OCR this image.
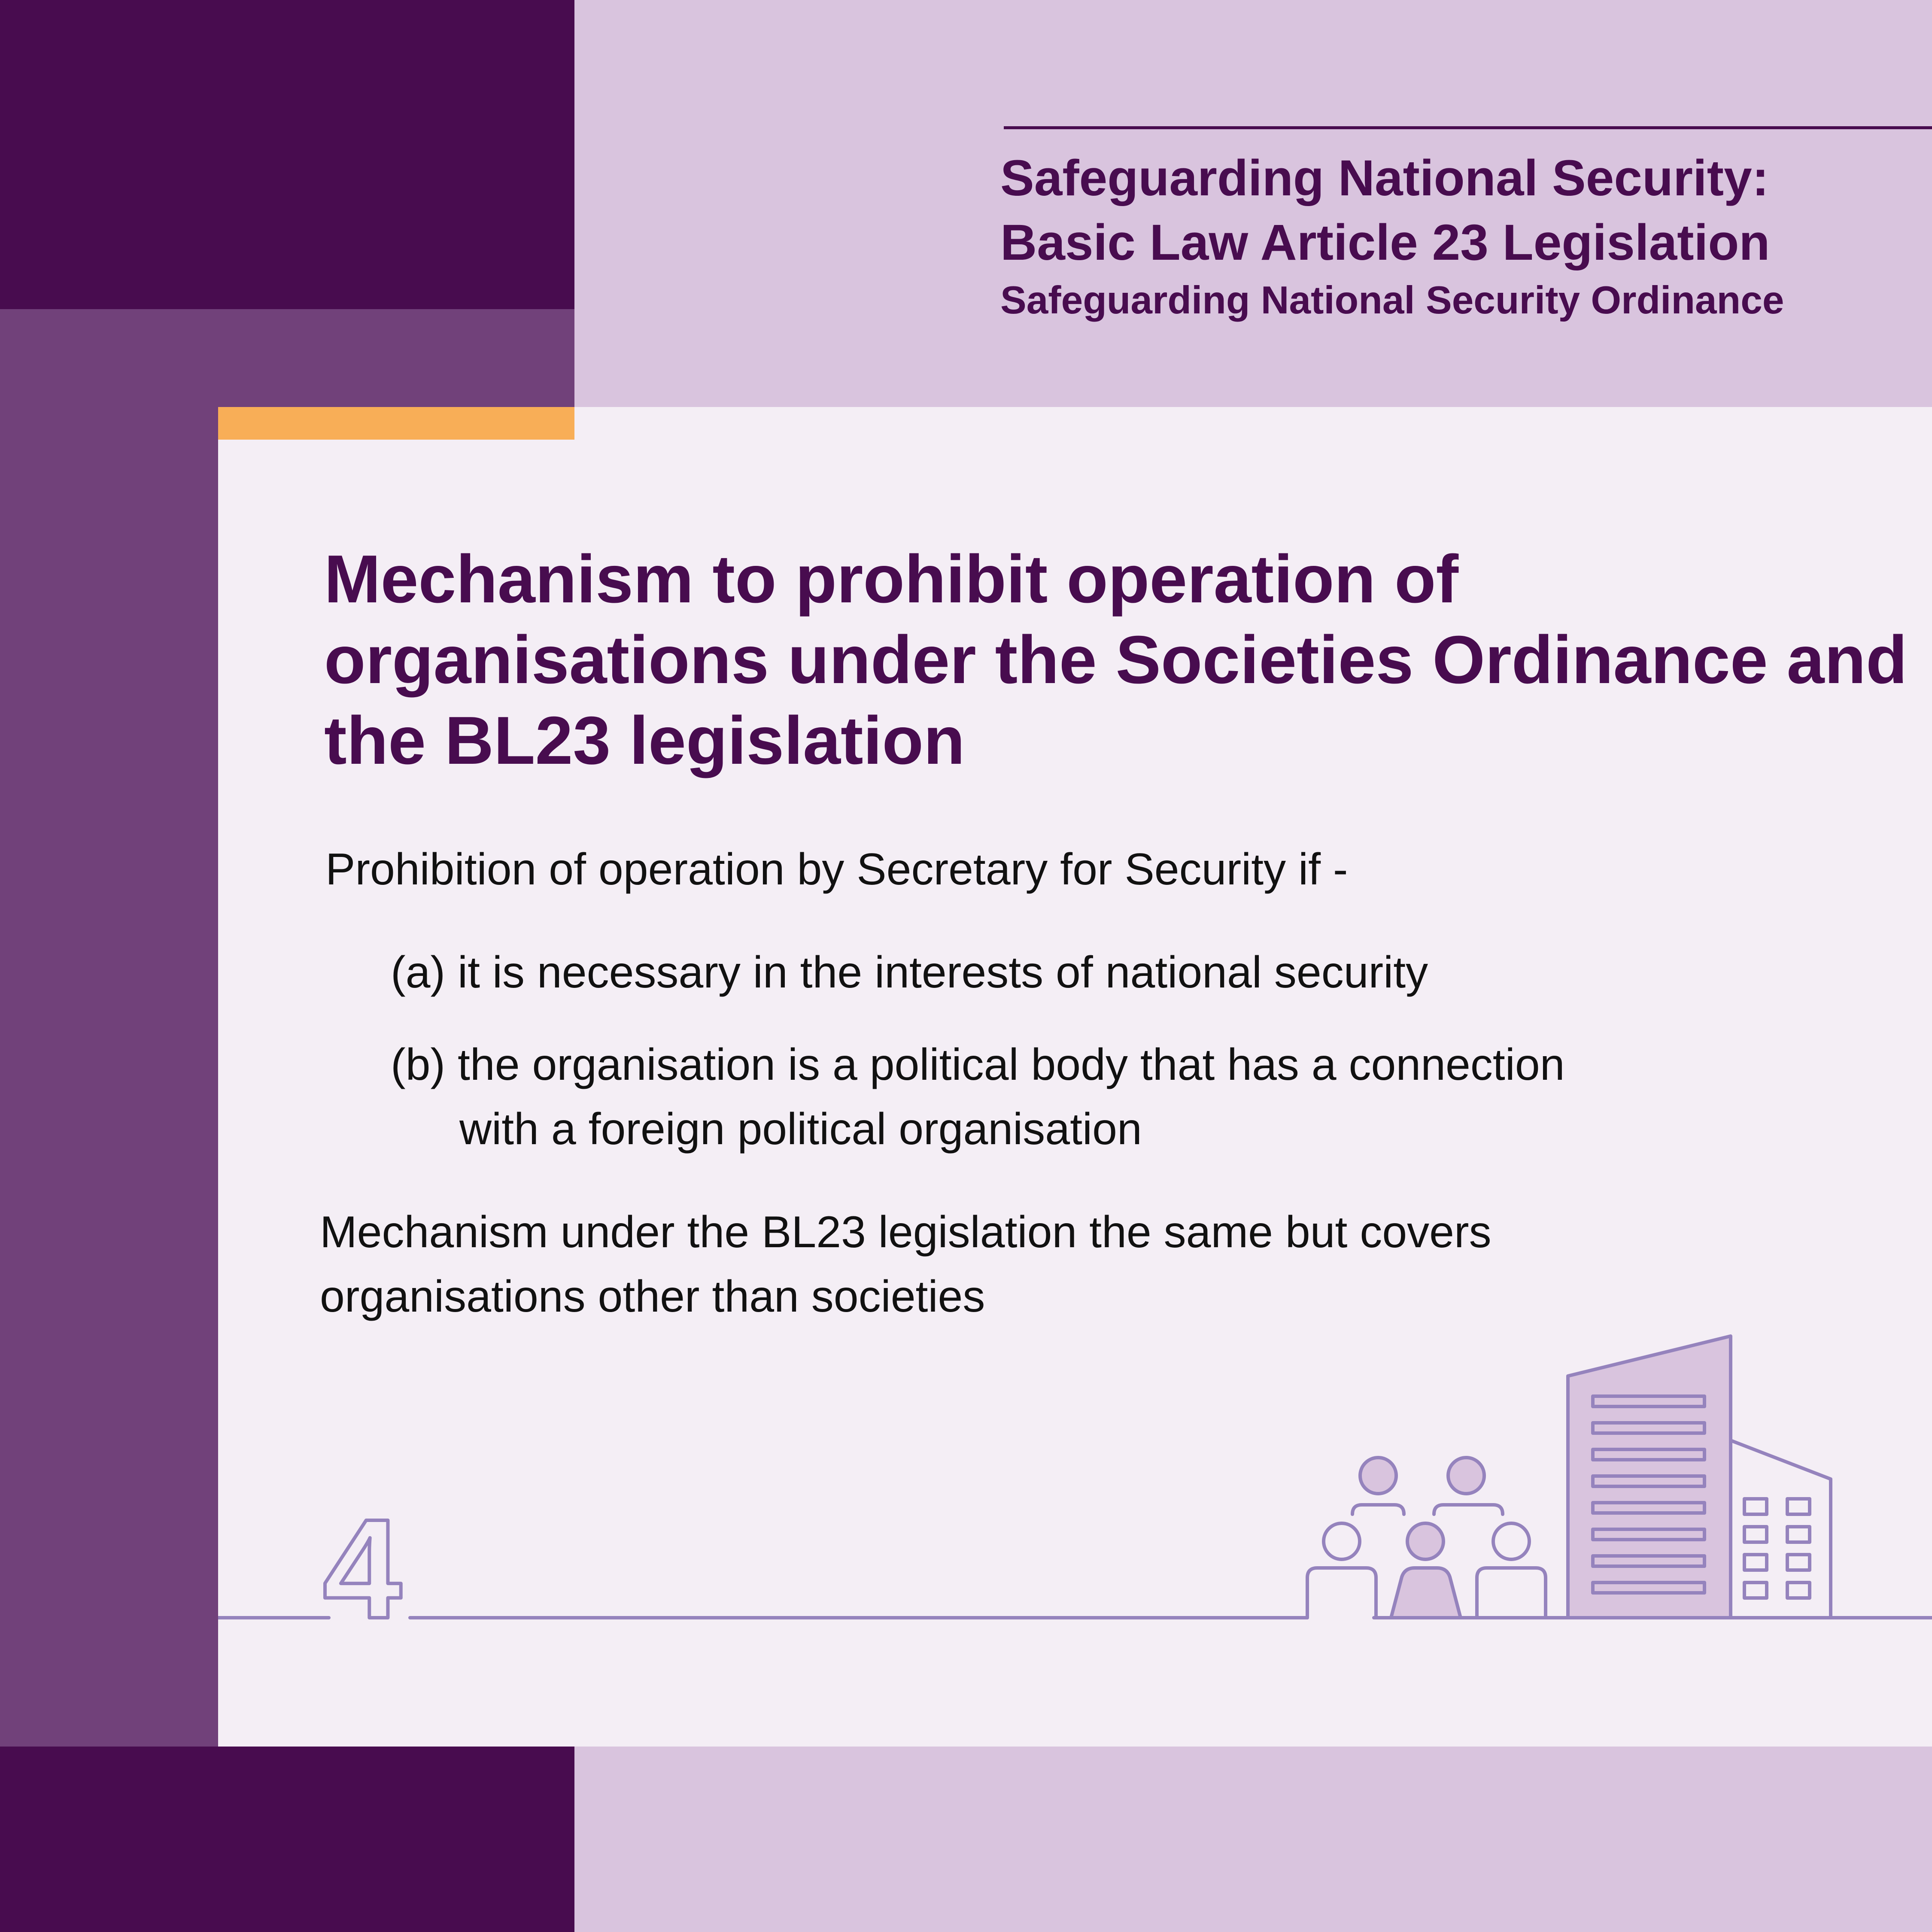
Safeguarding National Security:
Basic Law Article 23 Legislation
Safeguarding National Security Ordinance
Mechanism to prohibit operation of organisations under the Societies Ordinance and the BL23 legislation
Prohibition of operation by Secretary for Security if -
(a) it is necessary in the interests of national security
(b) the organisation is a political body that has a connection
with a foreign political organisation
Mechanism under the BL23 legislation the same but covers
organisations other than societies
4
